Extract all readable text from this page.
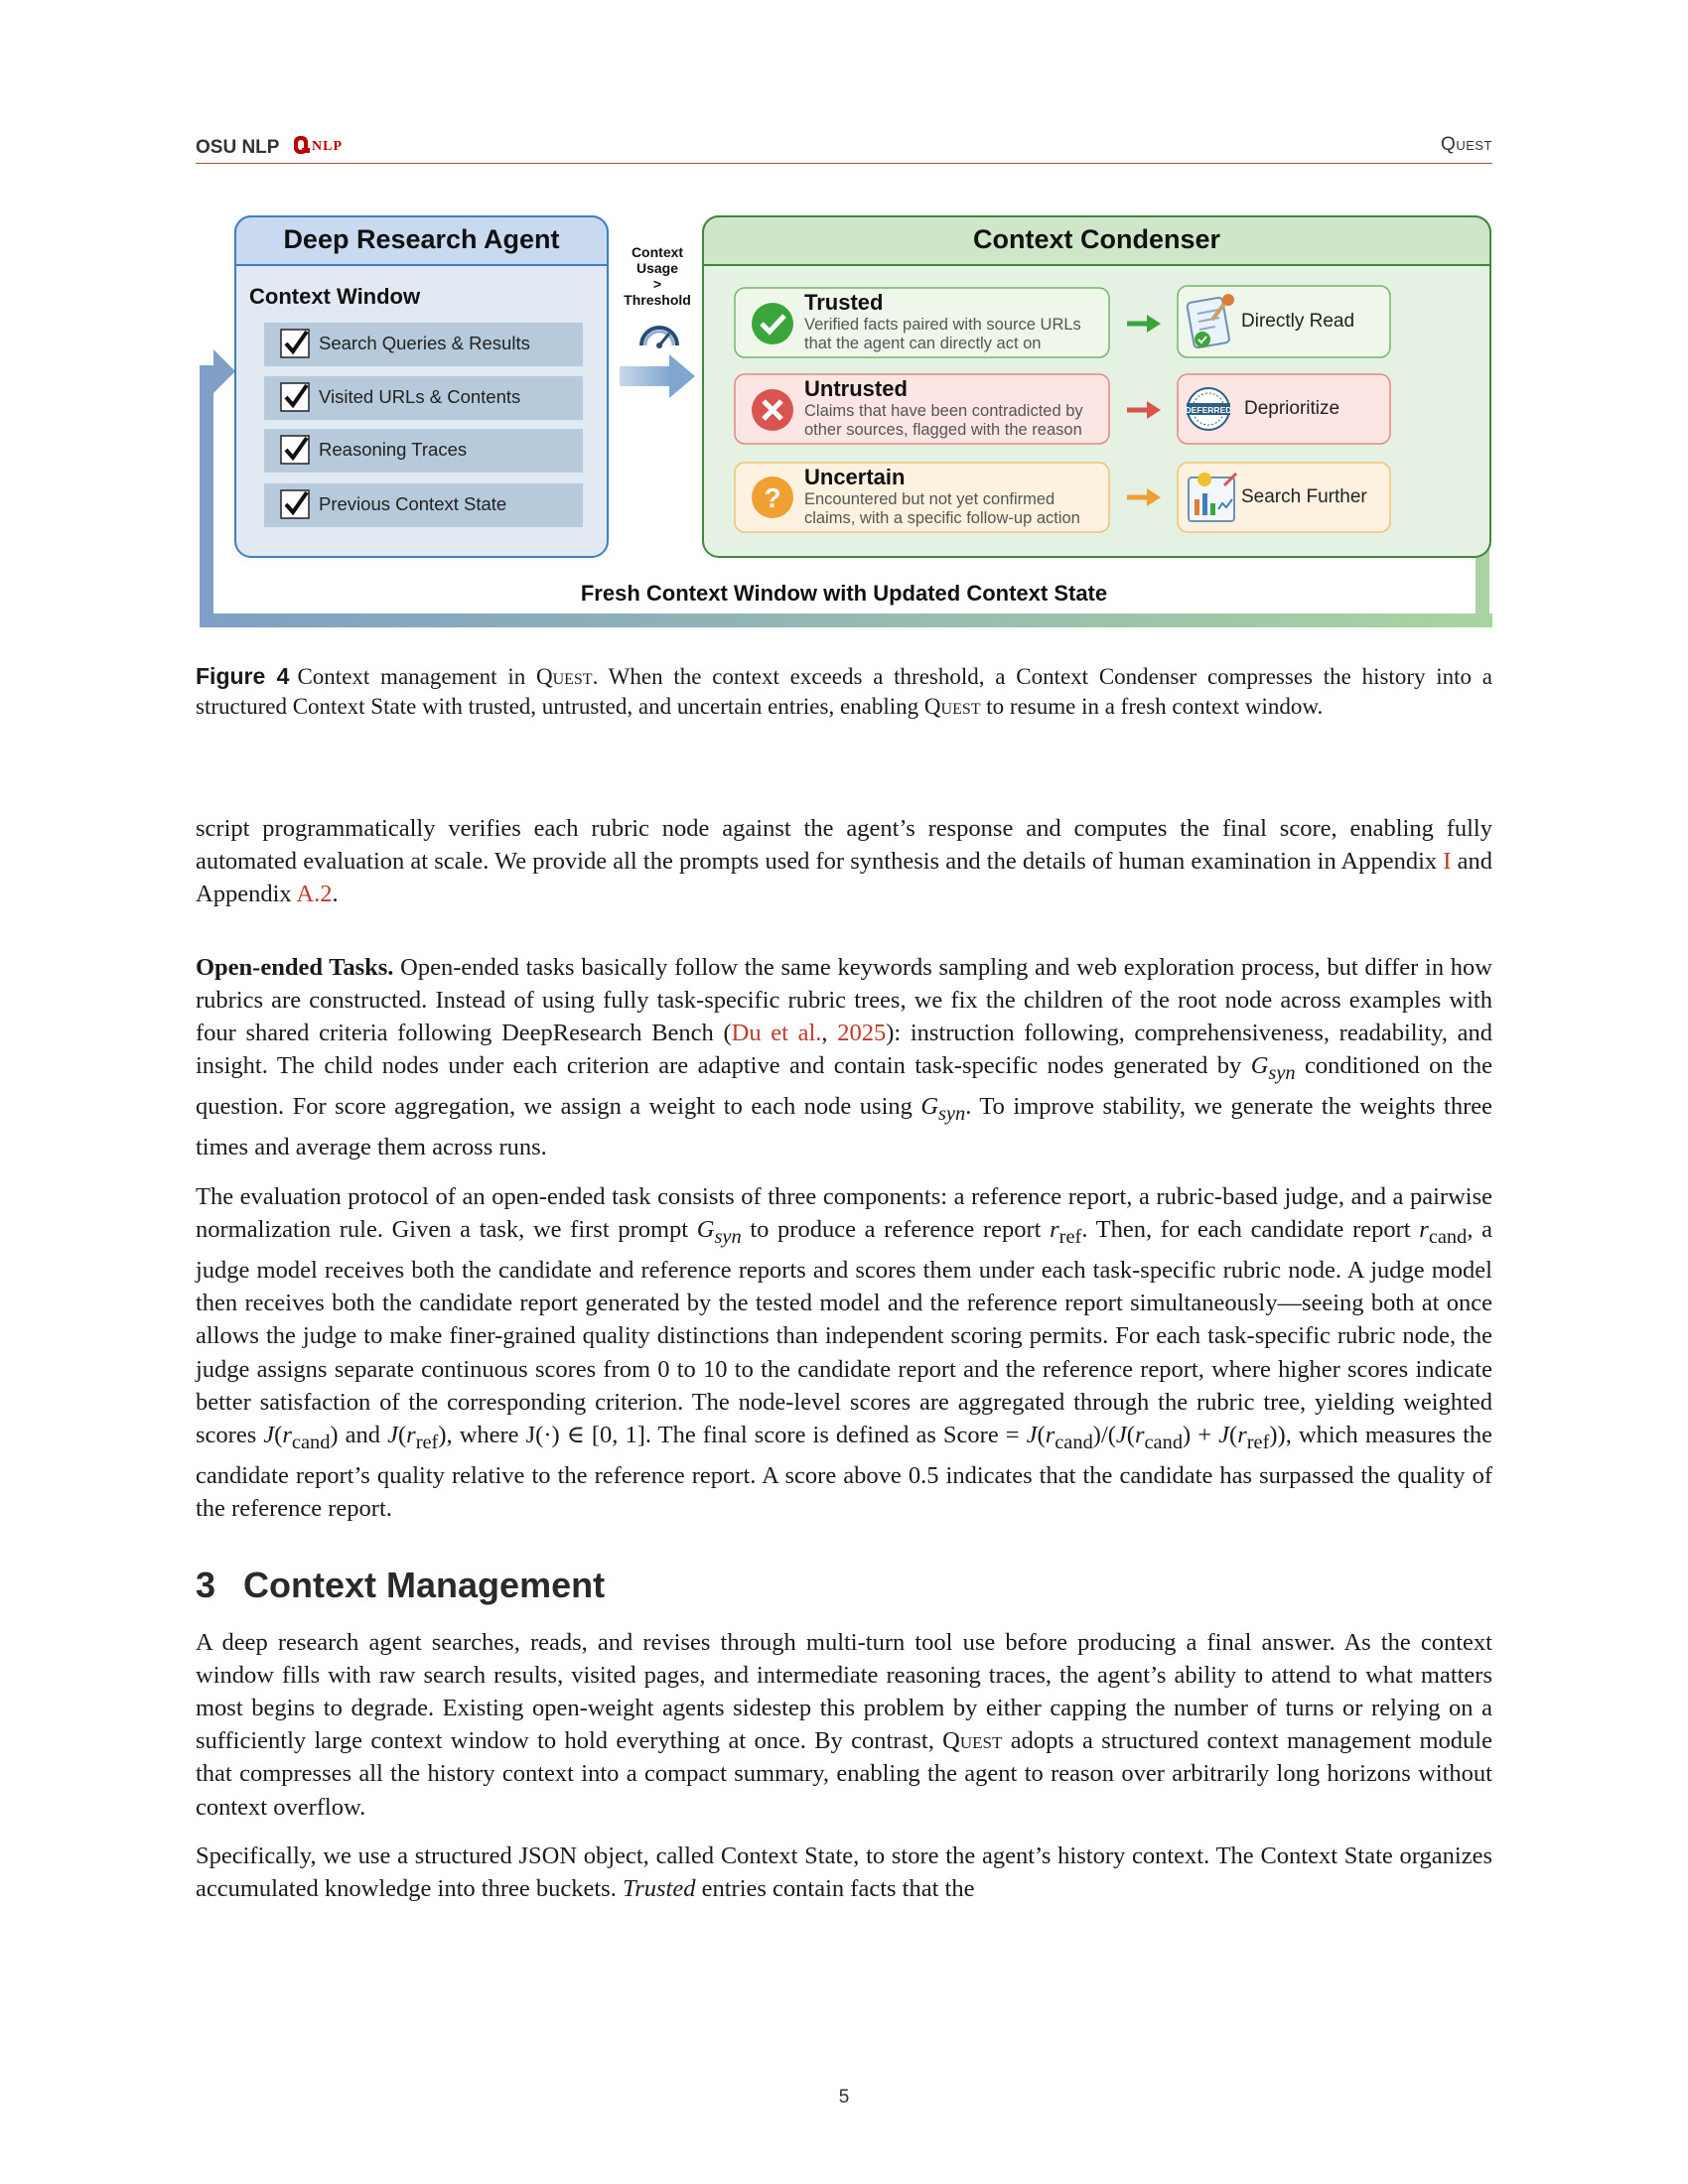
OSU NLP NLP	Quest
?
DEFERRED
Deep Research Agent
Context Window
Search Queries & Results
Visited URLs & Contents
Reasoning Traces
Previous Context State
Context
Usage
>
Threshold
Context Condenser
Trusted
Verified facts paired with source URLs
that the agent can directly act on
Untrusted
Claims that have been contradicted by
other sources, flagged with the reason
Uncertain
Encountered but not yet confirmed
claims, with a specific follow-up action
Directly Read
Deprioritize
Search Further
Fresh Context Window with Updated Context State
Figure 4 Context management in Quest. When the context exceeds a threshold, a Context Condenser compresses the history into a structured Context State with trusted, untrusted, and uncertain entries, enabling Quest to resume in a fresh context window.

script programmatically verifies each rubric node against the agent’s response and computes the final score, enabling fully automated evaluation at scale. We provide all the prompts used for synthesis and the details of human examination in Appendix I and Appendix A.2.

Open-ended Tasks. Open-ended tasks basically follow the same keywords sampling and web exploration process, but differ in how rubrics are constructed. Instead of using fully task-specific rubric trees, we fix the children of the root node across examples with four shared criteria following DeepResearch Bench (Du et al., 2025): instruction following, comprehensiveness, readability, and insight. The child nodes under each criterion are adaptive and contain task-specific nodes generated by $G_{syn}$ conditioned on the question. For score aggregation, we assign a weight to each node using $G_{syn}$. To improve stability, we generate the weights three times and average them across runs.

The evaluation protocol of an open-ended task consists of three components: a reference report, a rubric-based judge, and a pairwise normalization rule. Given a task, we first prompt $G_{syn}$ to produce a reference report $r_{ref}$. Then, for each candidate report $r_{cand}$, a judge model receives both the candidate and reference reports and scores them under each task-specific rubric node. A judge model then receives both the candidate report generated by the tested model and the reference report simultaneously—seeing both at once allows the judge to make finer-grained quality distinctions than independent scoring permits. For each task-specific rubric node, the judge assigns separate continuous scores from 0 to 10 to the candidate report and the reference report, where higher scores indicate better satisfaction of the corresponding criterion. The node-level scores are aggregated through the rubric tree, yielding weighted scores $J(r_{cand})$ and $J(r_{ref})$, where J(·) ∈ [0, 1]. The final score is defined as Score = $J(r_{cand})/(J(r_{cand}) + J(r_{ref}))$, which measures the candidate report’s quality relative to the reference report. A score above 0.5 indicates that the candidate has surpassed the quality of the reference report.

3 Context Management

A deep research agent searches, reads, and revises through multi-turn tool use before producing a final answer. As the context window fills with raw search results, visited pages, and intermediate reasoning traces, the agent’s ability to attend to what matters most begins to degrade. Existing open-weight agents sidestep this problem by either capping the number of turns or relying on a sufficiently large context window to hold everything at once. By contrast, Quest adopts a structured context management module that compresses all the history context into a compact summary, enabling the agent to reason over arbitrarily long horizons without context overflow.

Specifically, we use a structured JSON object, called Context State, to store the agent’s history context. The Context State organizes accumulated knowledge into three buckets. Trusted entries contain facts that the

5
